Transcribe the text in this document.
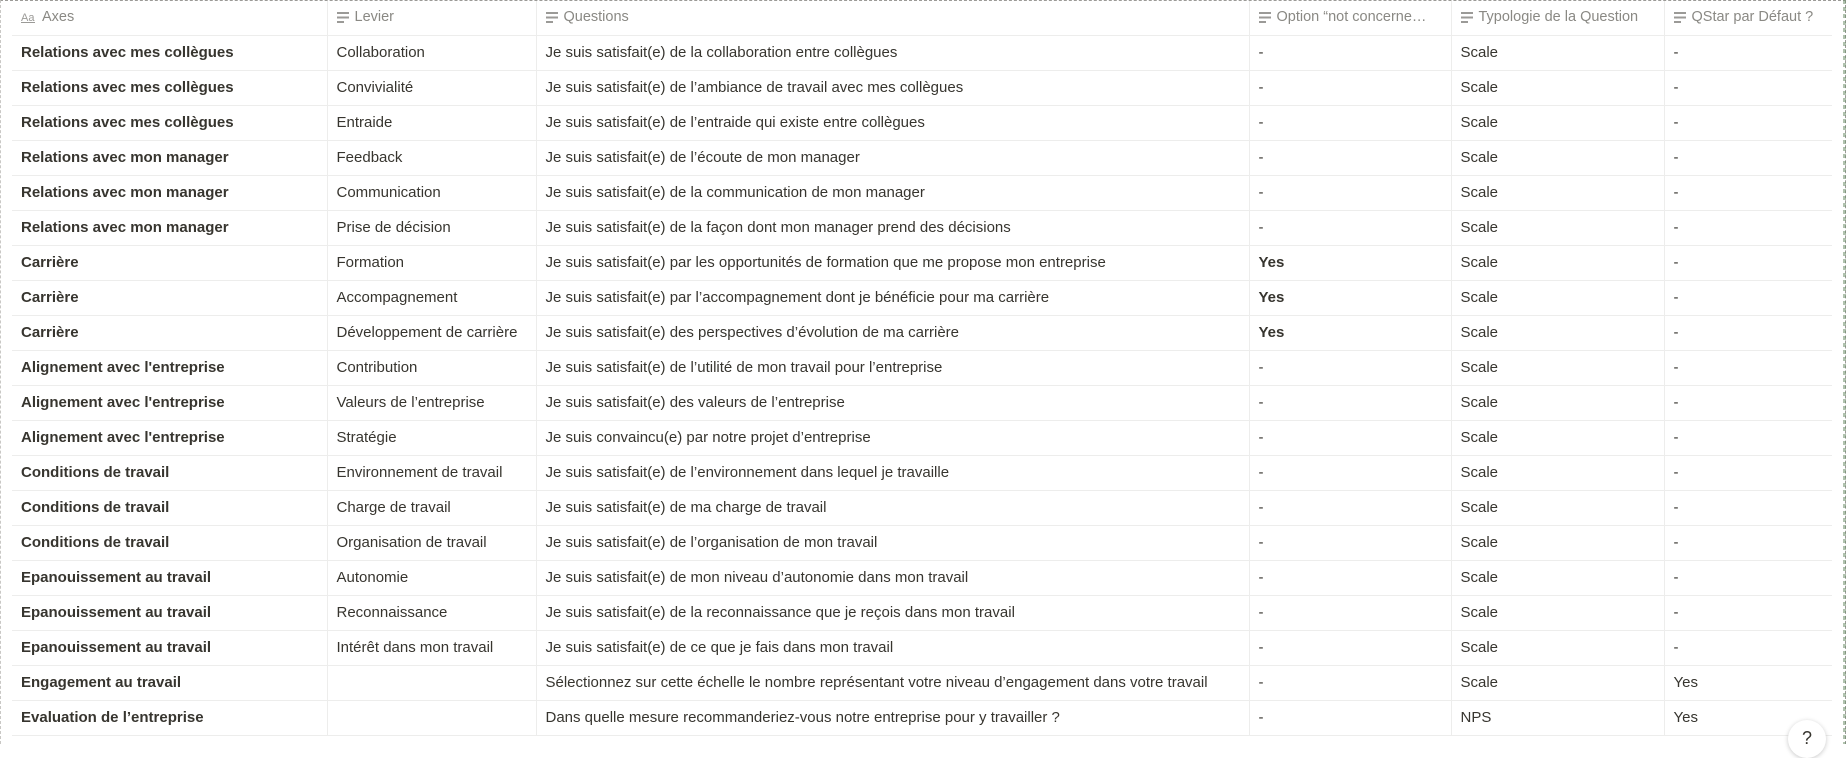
Aa Axes	Levier	Questions	Option “not concerne…	Typologie de la Question	QStar par Défaut ?
Relations avec mes collègues	Collaboration	Je suis satisfait(e) de la collaboration entre collègues	-	Scale	-
Relations avec mes collègues	Convivialité	Je suis satisfait(e) de l’ambiance de travail avec mes collègues	-	Scale	-
Relations avec mes collègues	Entraide	Je suis satisfait(e) de l’entraide qui existe entre collègues	-	Scale	-
Relations avec mon manager	Feedback	Je suis satisfait(e) de l’écoute de mon manager	-	Scale	-
Relations avec mon manager	Communication	Je suis satisfait(e) de la communication de mon manager	-	Scale	-
Relations avec mon manager	Prise de décision	Je suis satisfait(e) de la façon dont mon manager prend des décisions	-	Scale	-
Carrière	Formation	Je suis satisfait(e) par les opportunités de formation que me propose mon entreprise	Yes	Scale	-
Carrière	Accompagnement	Je suis satisfait(e) par l’accompagnement dont je bénéficie pour ma carrière	Yes	Scale	-
Carrière	Développement de carrière	Je suis satisfait(e) des perspectives d’évolution de ma carrière	Yes	Scale	-
Alignement avec l'entreprise	Contribution	Je suis satisfait(e) de l’utilité de mon travail pour l’entreprise	-	Scale	-
Alignement avec l'entreprise	Valeurs de l’entreprise	Je suis satisfait(e) des valeurs de l’entreprise	-	Scale	-
Alignement avec l'entreprise	Stratégie	Je suis convaincu(e) par notre projet d’entreprise	-	Scale	-
Conditions de travail	Environnement de travail	Je suis satisfait(e) de l’environnement dans lequel je travaille	-	Scale	-
Conditions de travail	Charge de travail	Je suis satisfait(e) de ma charge de travail	-	Scale	-
Conditions de travail	Organisation de travail	Je suis satisfait(e) de l’organisation de mon travail	-	Scale	-
Epanouissement au travail	Autonomie	Je suis satisfait(e) de mon niveau d’autonomie dans mon travail	-	Scale	-
Epanouissement au travail	Reconnaissance	Je suis satisfait(e) de la reconnaissance que je reçois dans mon travail	-	Scale	-
Epanouissement au travail	Intérêt dans mon travail	Je suis satisfait(e) de ce que je fais dans mon travail	-	Scale	-
Engagement au travail		Sélectionnez sur cette échelle le nombre représentant votre niveau d’engagement dans votre travail	-	Scale	Yes
Evaluation de l’entreprise		Dans quelle mesure recommanderiez-vous notre entreprise pour y travailler ?	-	NPS	Yes
?
